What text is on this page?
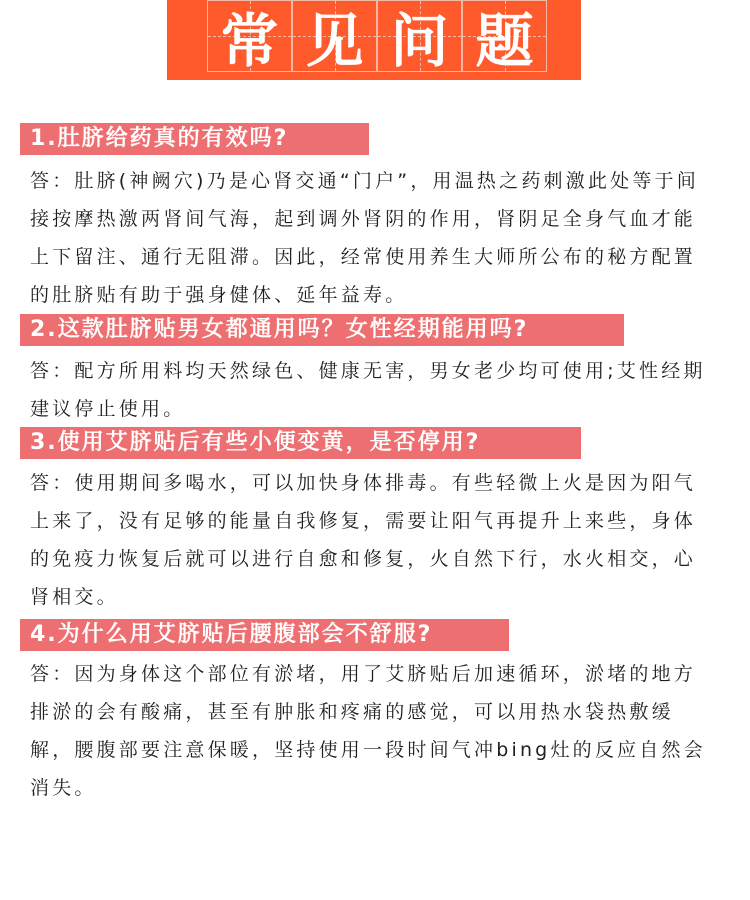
常 见 问 题
1.肚脐给药真的有效吗?
答：肚脐(神阙穴)乃是心肾交通“门户”，用温热之药刺激此处等于间接按摩热激两肾间气海，起到调外肾阴的作用，肾阴足全身气血才能上下留注、通行无阻滞。因此，经常使用养生大师所公布的秘方配置的肚脐贴有助于强身健体、延年益寿。
2.这款肚脐贴男女都通用吗？女性经期能用吗?
答：配方所用料均天然绿色、健康无害，男女老少均可使用;艾性经期建议停止使用。
3.使用艾脐贴后有些小便变黄，是否停用?
答：使用期间多喝水，可以加快身体排毒。有些轻微上火是因为阳气上来了，没有足够的能量自我修复，需要让阳气再提升上来些，身体的免疫力恢复后就可以进行自愈和修复，火自然下行，水火相交，心肾相交。
4.为什么用艾脐贴后腰腹部会不舒服?
答：因为身体这个部位有淤堵，用了艾脐贴后加速循环，淤堵的地方排淤的会有酸痛，甚至有肿胀和疼痛的感觉，可以用热水袋热敷缓解，腰腹部要注意保暖，坚持使用一段时间气冲bing灶的反应自然会消失。
